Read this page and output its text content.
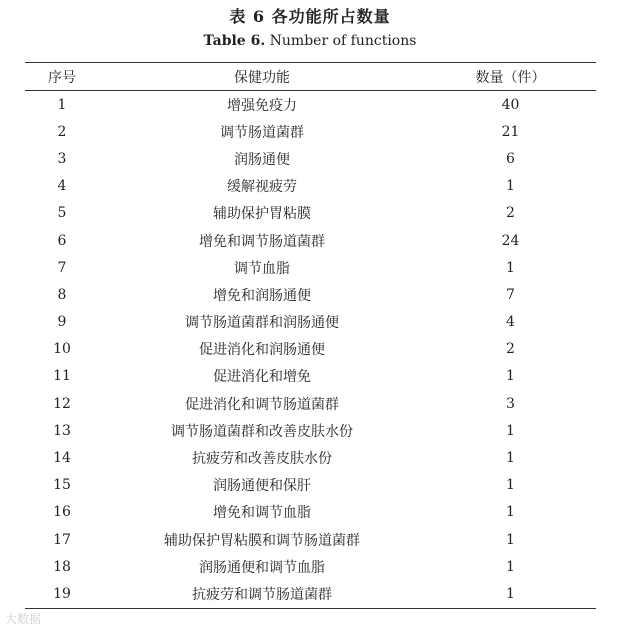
表 6 各功能所占数量
Table 6. Number of functions
序号	保健功能	数量（件）
1	增强免疫力	40
2	调节肠道菌群	21
3	润肠通便	6
4	缓解视疲劳	1
5	辅助保护胃粘膜	2
6	增免和调节肠道菌群	24
7	调节血脂	1
8	增免和润肠通便	7
9	调节肠道菌群和润肠通便	4
10	促进消化和润肠通便	2
11	促进消化和增免	1
12	促进消化和调节肠道菌群	3
13	调节肠道菌群和改善皮肤水份	1
14	抗疲劳和改善皮肤水份	1
15	润肠通便和保肝	1
16	增免和调节血脂	1
17	辅助保护胃粘膜和调节肠道菌群	1
18	润肠通便和调节血脂	1
19	抗疲劳和调节肠道菌群	1
大数据
